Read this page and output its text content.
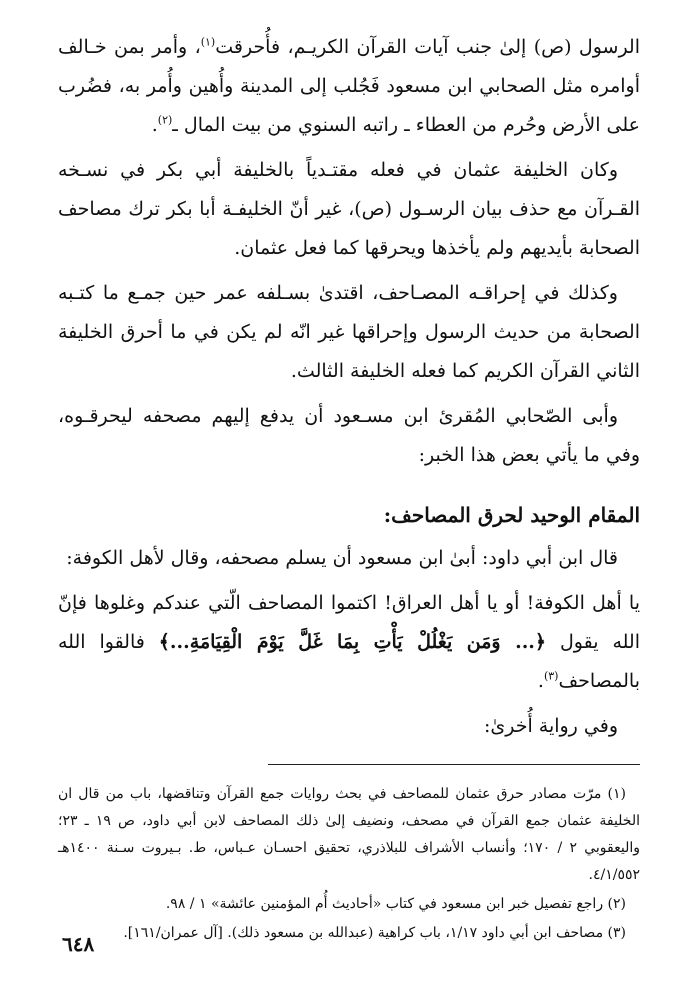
الرسول (ص) إلىٰ جنب آيات القرآن الكريـم، فأُحرقت$^{(١)}$، وأمر بمن خـالف أوامره مثل الصحابي ابن مسعود فَجُلب إلى المدينة وأُهين وأُمر به، فضُرب على الأرض وحُرم من العطاء ـ راتبه السنوي من بيت المال ـ$^{(٢)}$.

وكان الخليفة عثمان في فعله مقتـدياً بالخليفة أبي بكر في نسـخه القـرآن مع حذف بيان الرسـول (ص)، غير أنّ الخليفـة أبا بكر ترك مصاحف الصحابة بأيديهم ولم يأخذها ويحرقها كما فعل عثمان.

وكذلك في إحراقـه المصـاحف، اقتدىٰ بسـلفه عمر حين جمـع ما كتـبه الصحابة من حديث الرسول وإحراقها غير انّه لم يكن في ما أحرق الخليفة الثاني القرآن الكريم كما فعله الخليفة الثالث.

وأبى الصّحابي المُقرئ ابن مسـعود أن يدفع إليهم مصحفه ليحرقـوه، وفي ما يأتي بعض هذا الخبر:

المقام الوحيد لحرق المصاحف:

قال ابن أبي داود: أبىٰ ابن مسعود أن يسلم مصحفه، وقال لأهل الكوفة:

يا أهل الكوفة! أو يا أهل العراق! اكتموا المصاحف الّتي عندكم وغلوها فإنّ الله يقول ﴿... وَمَن يَغْلُلْ يَأْتِ بِمَا غَلَّ يَوْمَ الْقِيَامَةِ...﴾ فالقوا الله بالمصاحف$^{(٣)}$.

وفي رواية أُخرىٰ:

(١) مرّت مصادر حرق عثمان للمصاحف في بحث روايات جمع القرآن وتناقضها، باب من قال ان الخليفة عثمان جمع القرآن في مصحف، ونضيف إلىٰ ذلك المصاحف لابن أبي داود، ص ١٩ ـ ٢٣؛ واليعقوبي ٢ / ١٧٠؛ وأنساب الأشراف للبلاذري، تحقيق احسـان عـباس، ط. بـيروت سـنة ١٤٠٠هـ ٤/١/٥٥٢.

(٢) راجع تفصيل خبر ابن مسعود في كتاب «أحاديث أُم المؤمنين عائشة» ١ / ٩٨.

(٣) مصاحف ابن أبي داود ١/١٧، باب كراهية (عبدالله بن مسعود ذلك). [آل عمران/١٦١].

٦٤٨
